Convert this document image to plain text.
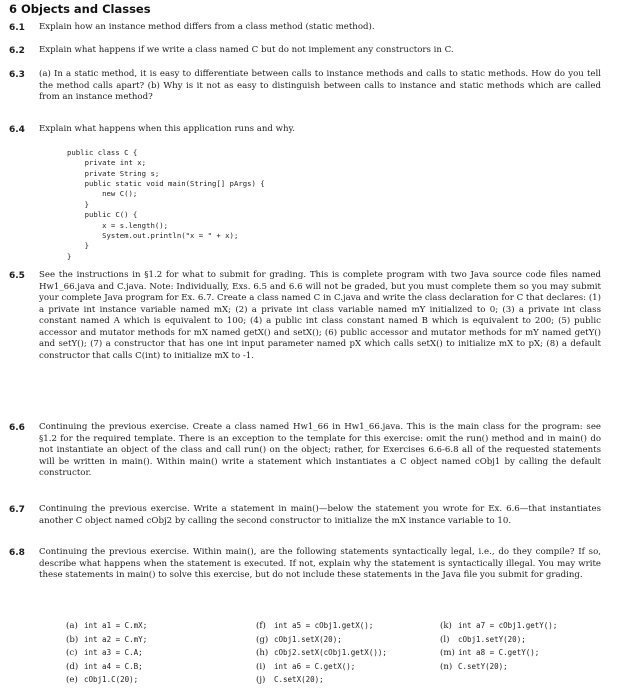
6 Objects and Classes
6.1 Explain how an instance method differs from a class method (static method).

6.2 Explain what happens if we write a class named C but do not implement any constructors in C.

6.3 (a) In a static method, it is easy to differentiate between calls to instance methods and calls to static methods. How do you tell the method calls apart? (b) Why is it not as easy to distinguish between calls to instance and static methods which are called from an instance method?

6.4 Explain what happens when this application runs and why.

public class C {
private int x;
private String s;
public static void main(String[] pArgs) {
new C();
}
public C() {
x = s.length();
System.out.println("x = " + x);
}
}
6.5 See the instructions in §1.2 for what to submit for grading. This is complete program with two Java source code files named Hw1_66.java and C.java. Note: Individually, Exs. 6.5 and 6.6 will not be graded, but you must complete them so you may submit your complete Java program for Ex. 6.7. Create a class named C in C.java and write the class declaration for C that declares: (1) a private int instance variable named mX; (2) a private int class variable named mY initialized to 0; (3) a private int class constant named A which is equivalent to 100; (4) a public int class constant named B which is equivalent to 200; (5) public accessor and mutator methods for mX named getX() and setX(); (6) public accessor and mutator methods for mY named getY() and setY(); (7) a constructor that has one int input parameter named pX which calls setX() to initialize mX to pX; (8) a default constructor that calls C(int) to initialize mX to -1.

6.6 Continuing the previous exercise. Create a class named Hw1_66 in Hw1_66.java. This is the main class for the program: see §1.2 for the required template. There is an exception to the template for this exercise: omit the run() method and in main() do not instantiate an object of the class and call run() on the object; rather, for Exercises 6.6-6.8 all of the requested statements will be written in main(). Within main() write a statement which instantiates a C object named cObj1 by calling the default constructor.

6.7 Continuing the previous exercise. Write a statement in main()—below the statement you wrote for Ex. 6.6—that instantiates another C object named cObj2 by calling the second constructor to initialize the mX instance variable to 10.

6.8 Continuing the previous exercise. Within main(), are the following statements syntactically legal, i.e., do they compile? If so, describe what happens when the statement is executed. If not, explain why the statement is syntactically illegal. You may write these statements in main() to solve this exercise, but do not include these statements in the Java file you submit for grading.

(a) int a1 = C.mX;
(b) int a2 = C.mY;
(c) int a3 = C.A;
(d) int a4 = C.B;
(e) cObj1.C(20);
(f) int a5 = cObj1.getX();
(g) cObj1.setX(20);
(h) cObj2.setX(cObj1.getX());
(i) int a6 = C.getX();
(j) C.setX(20);
(k) int a7 = cObj1.getY();
(l) cObj1.setY(20);
(m) int a8 = C.getY();
(n) C.setY(20);
